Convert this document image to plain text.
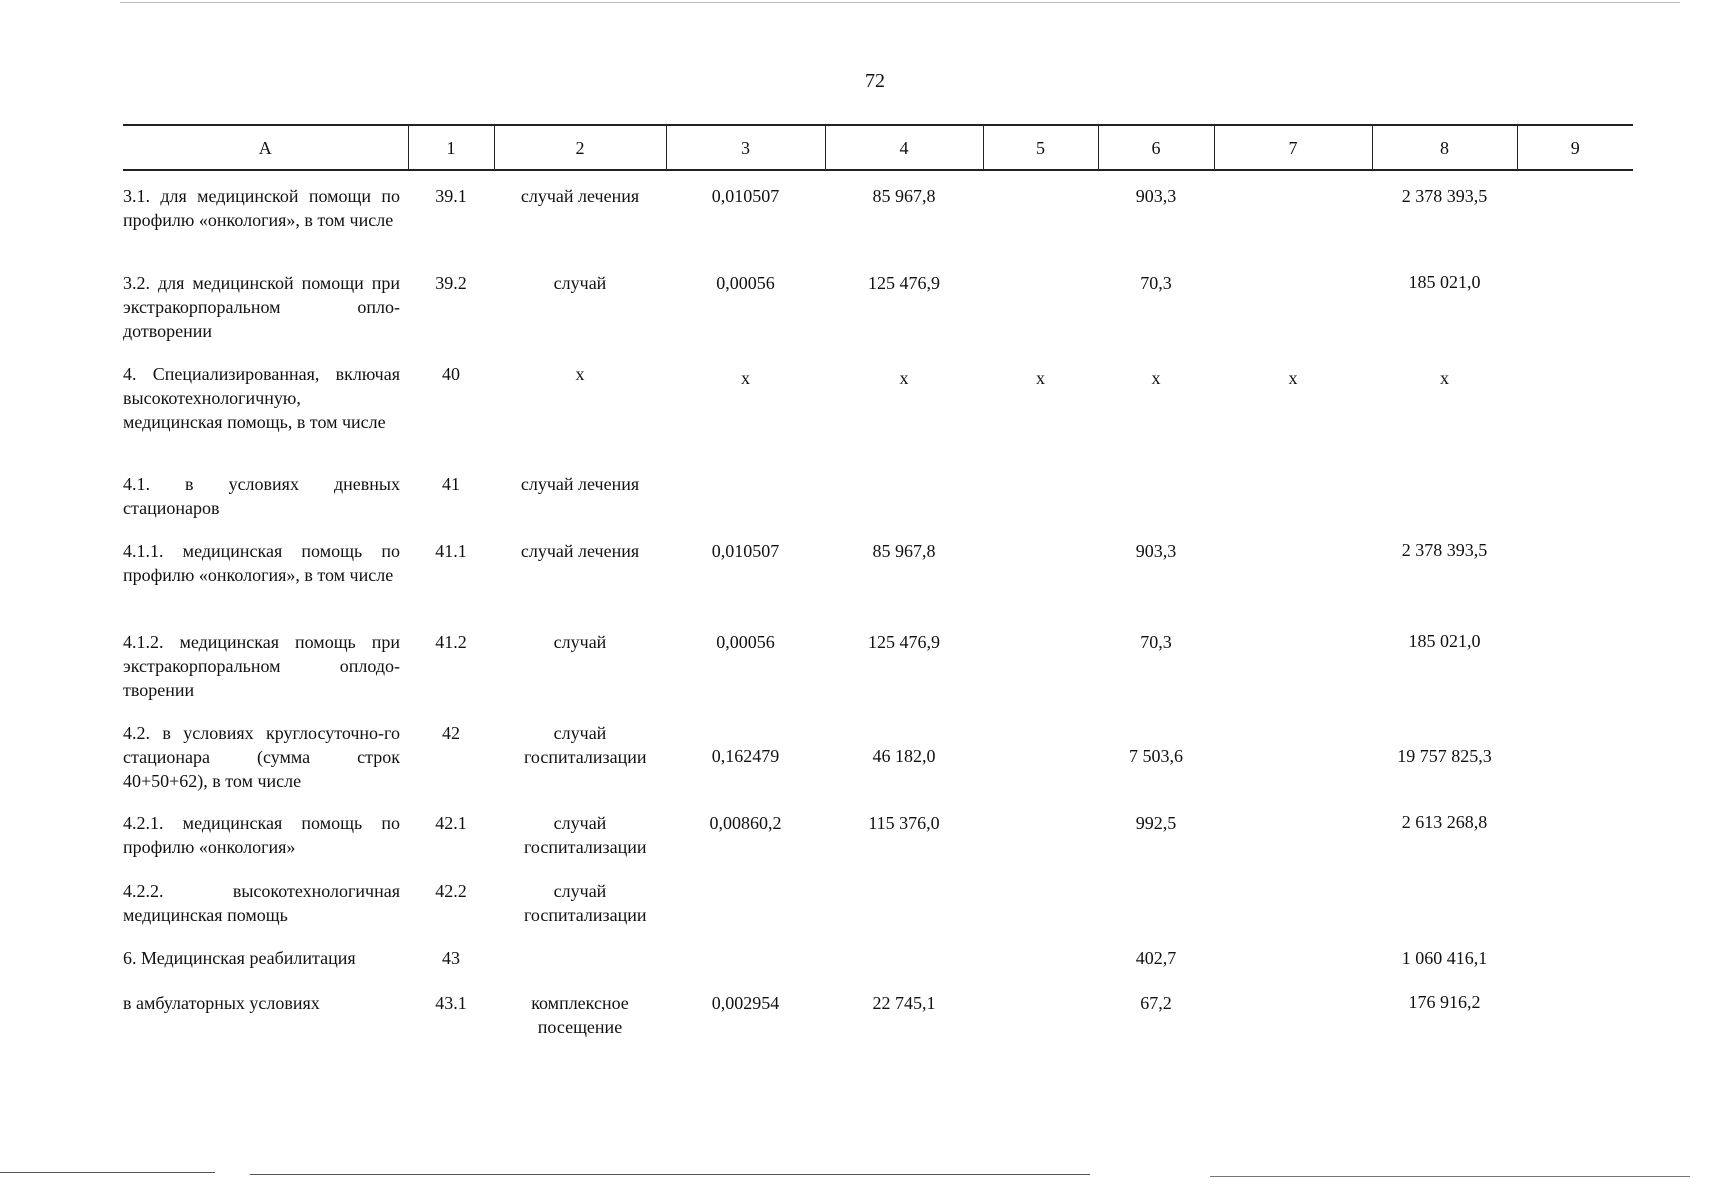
72
А	1	2	3	4	5	6	7	8	9
3.1. для медицинской помощи по профилю «онкология», в том числе	39.1	случай лечения	0,010507	85 967,8		903,3		2 378 393,5	
3.2. для медицинской помощи при экстракорпоральном опло-дотворении	39.2	случай	0,00056	125 476,9		70,3		185 021,0	
4. Специализированная, включая высокотехнологичную, медицинская помощь, в том числе	40	х	х	х	х	х	х	х	
4.1. в условиях дневных стационаров	41	случай лечения							
4.1.1. медицинская помощь по профилю «онкология», в том числе	41.1	случай лечения	0,010507	85 967,8		903,3		2 378 393,5	
4.1.2. медицинская помощь при экстракорпоральном оплодо-творении	41.2	случай	0,00056	125 476,9		70,3		185 021,0	
4.2. в условиях круглосуточно-го стационара (сумма строк 40+50+62), в том числе	42	случай госпитализации	0,162479	46 182,0		7 503,6		19 757 825,3	
4.2.1. медицинская помощь по профилю «онкология»	42.1	случай госпитализации	0,00860,2	115 376,0		992,5		2 613 268,8	
4.2.2. высокотехнологичная медицинская помощь	42.2	случай госпитализации							
6. Медицинская реабилитация	43					402,7		1 060 416,1	
в амбулаторных условиях	43.1	комплексное посещение	0,002954	22 745,1		67,2		176 916,2	
